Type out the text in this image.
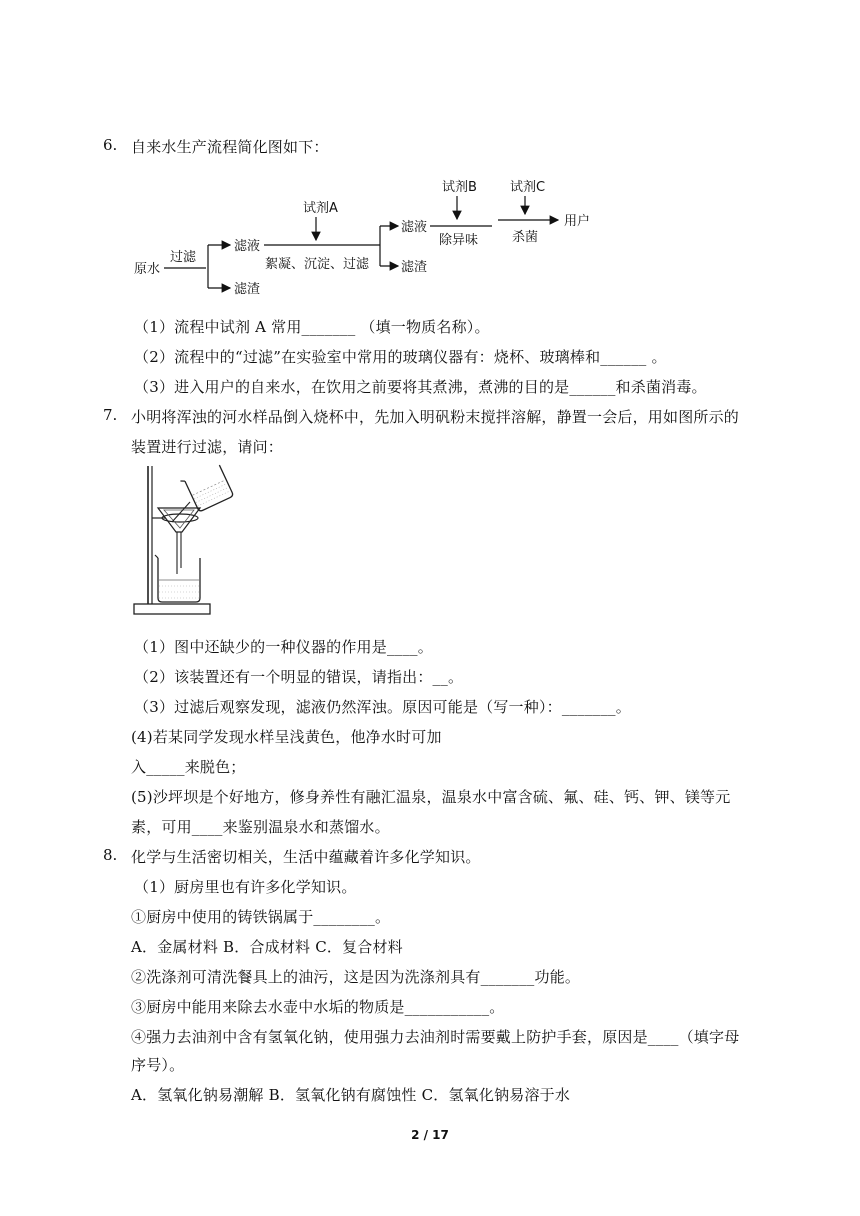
6. 自来水生产流程简化图如下：
原水
过滤
滤液
滤渣
试剂A
絮凝、沉淀、过滤
滤液
滤渣
试剂B
除异味
试剂C
杀菌
用户
（1）流程中试剂 A 常用_______ （填一物质名称）。
（2）流程中的“过滤”在实验室中常用的玻璃仪器有：烧杯、玻璃棒和______ 。
（3）进入用户的自来水，在饮用之前要将其煮沸，煮沸的目的是______和杀菌消毒。
7. 小明将浑浊的河水样品倒入烧杯中，先加入明矾粉末搅拌溶解，静置一会后，用如图所示的
装置进行过滤，请问：
（1）图中还缺少的一种仪器的作用是____。
（2）该装置还有一个明显的错误，请指出：__。
（3）过滤后观察发现，滤液仍然浑浊。原因可能是（写一种）：_______。
(4)若某同学发现水样呈浅黄色，他净水时可加
入_____来脱色；
(5)沙坪坝是个好地方，修身养性有融汇温泉，温泉水中富含硫、氟、硅、钙、钾、镁等元
素，可用____来鉴别温泉水和蒸馏水。
8. 化学与生活密切相关，生活中蕴藏着许多化学知识。
（1）厨房里也有许多化学知识。
①厨房中使用的铸铁锅属于________。
A．金属材料 B．合成材料 C．复合材料
②洗涤剂可清洗餐具上的油污，这是因为洗涤剂具有_______功能。
③厨房中能用来除去水壶中水垢的物质是___________。
④强力去油剂中含有氢氧化钠，使用强力去油剂时需要戴上防护手套，原因是____（填字母
序号）。
A．氢氧化钠易潮解 B．氢氧化钠有腐蚀性 C．氢氧化钠易溶于水
2 / 17
